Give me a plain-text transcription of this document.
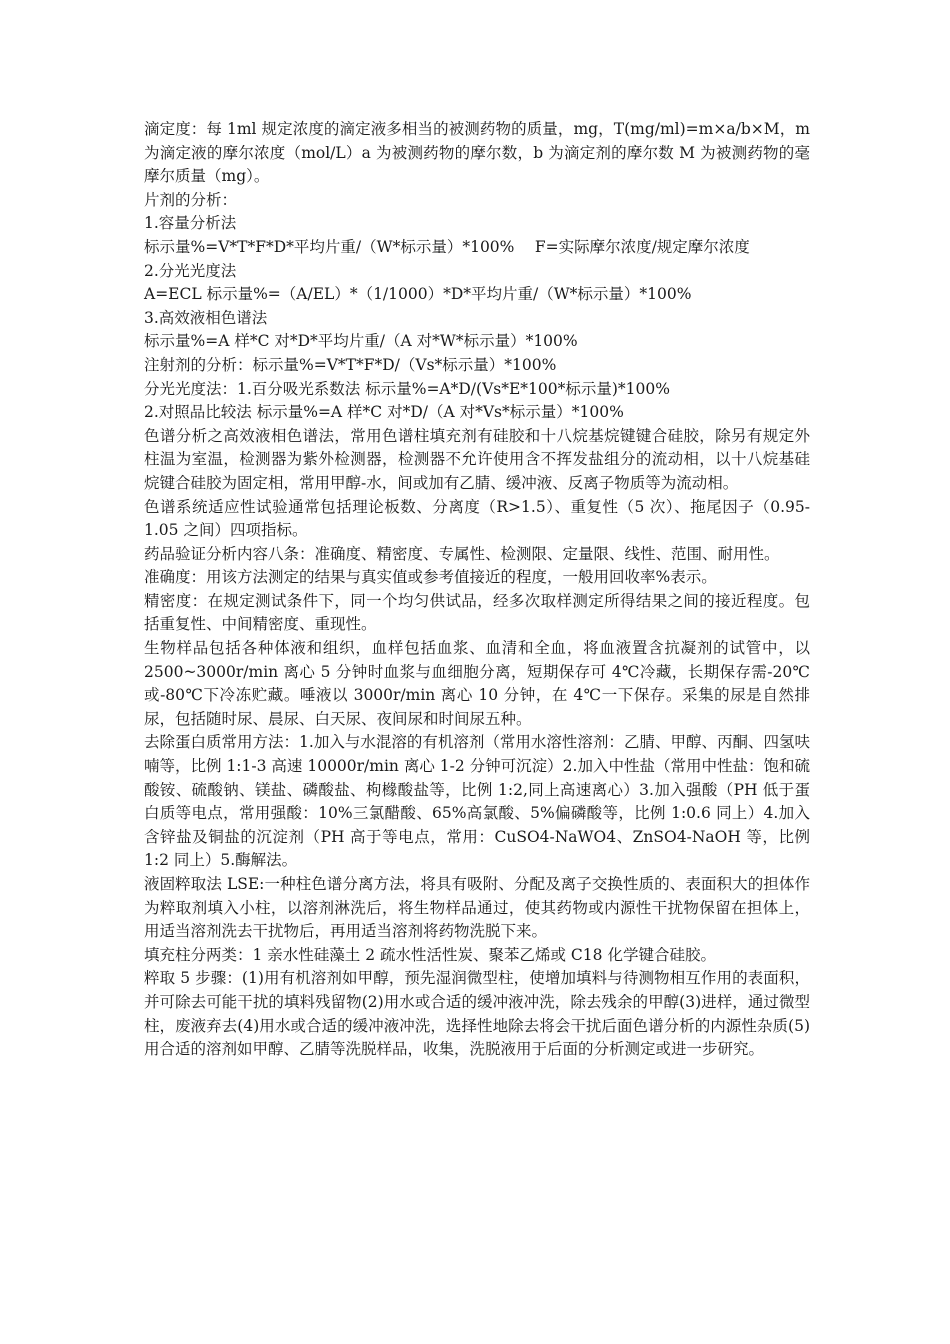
滴定度：每 1ml 规定浓度的滴定液多相当的被测药物的质量，mg，T(mg/ml)=m×a/b×M，m 为滴定液的摩尔浓度（mol/L）a 为被测药物的摩尔数，b 为滴定剂的摩尔数 M 为被测药物的毫摩尔质量（mg）。

片剂的分析：

1.容量分析法

标示量%=V*T*F*D*平均片重/（W*标示量）*100%　 F=实际摩尔浓度/规定摩尔浓度

2.分光光度法

A=ECL 标示量%=（A/EL）*（1/1000）*D*平均片重/（W*标示量）*100%

3.高效液相色谱法

标示量%=A 样*C 对*D*平均片重/（A 对*W*标示量）*100%

注射剂的分析：标示量%=V*T*F*D/（Vs*标示量）*100%

分光光度法：1.百分吸光系数法 标示量%=A*D/(Vs*E*100*标示量)*100%

2.对照品比较法 标示量%=A 样*C 对*D/（A 对*Vs*标示量）*100%

色谱分析之高效液相色谱法，常用色谱柱填充剂有硅胶和十八烷基烷键键合硅胶，除另有规定外柱温为室温，检测器为紫外检测器，检测器不允许使用含不挥发盐组分的流动相，以十八烷基硅烷键合硅胶为固定相，常用甲醇-水，间或加有乙腈、缓冲液、反离子物质等为流动相。

色谱系统适应性试验通常包括理论板数、分离度（R>1.5）、重复性（5 次）、拖尾因子（0.95-1.05 之间）四项指标。

药品验证分析内容八条：准确度、精密度、专属性、检测限、定量限、线性、范围、耐用性。

准确度：用该方法测定的结果与真实值或参考值接近的程度，一般用回收率%表示。

精密度：在规定测试条件下，同一个均匀供试品，经多次取样测定所得结果之间的接近程度。包括重复性、中间精密度、重现性。

生物样品包括各种体液和组织，血样包括血浆、血清和全血，将血液置含抗凝剂的试管中，以 2500~3000r/min 离心 5 分钟时血浆与血细胞分离，短期保存可 4℃冷藏，长期保存需-20℃或-80℃下冷冻贮藏。唾液以 3000r/min 离心 10 分钟，在 4℃一下保存。采集的尿是自然排尿，包括随时尿、晨尿、白天尿、夜间尿和时间尿五种。

去除蛋白质常用方法：1.加入与水混溶的有机溶剂（常用水溶性溶剂：乙腈、甲醇、丙酮、四氢呋喃等，比例 1:1-3 高速 10000r/min 离心 1-2 分钟可沉淀）2.加入中性盐（常用中性盐：饱和硫酸铵、硫酸钠、镁盐、磷酸盐、枸橼酸盐等，比例 1:2,同上高速离心）3.加入强酸（PH 低于蛋白质等电点，常用强酸：10%三氯醋酸、65%高氯酸、5%偏磷酸等，比例 1:0.6 同上）4.加入含锌盐及铜盐的沉淀剂（PH 高于等电点，常用：CuSO4-NaWO4、ZnSO4-NaOH 等，比例 1:2 同上）5.酶解法。

液固粹取法 LSE:一种柱色谱分离方法，将具有吸附、分配及离子交换性质的、表面积大的担体作为粹取剂填入小柱，以溶剂淋洗后，将生物样品通过，使其药物或内源性干扰物保留在担体上，用适当溶剂洗去干扰物后，再用适当溶剂将药物洗脱下来。

填充柱分两类：1 亲水性硅藻土 2 疏水性活性炭、聚苯乙烯或 C18 化学键合硅胶。

粹取 5 步骤：(1)用有机溶剂如甲醇，预先湿润微型柱，使增加填料与待测物相互作用的表面积，并可除去可能干扰的填料残留物(2)用水或合适的缓冲液冲洗，除去残余的甲醇(3)进样，通过微型柱，废液弃去(4)用水或合适的缓冲液冲洗，选择性地除去将会干扰后面色谱分析的内源性杂质(5)用合适的溶剂如甲醇、乙腈等洗脱样品，收集，洗脱液用于后面的分析测定或进一步研究。
